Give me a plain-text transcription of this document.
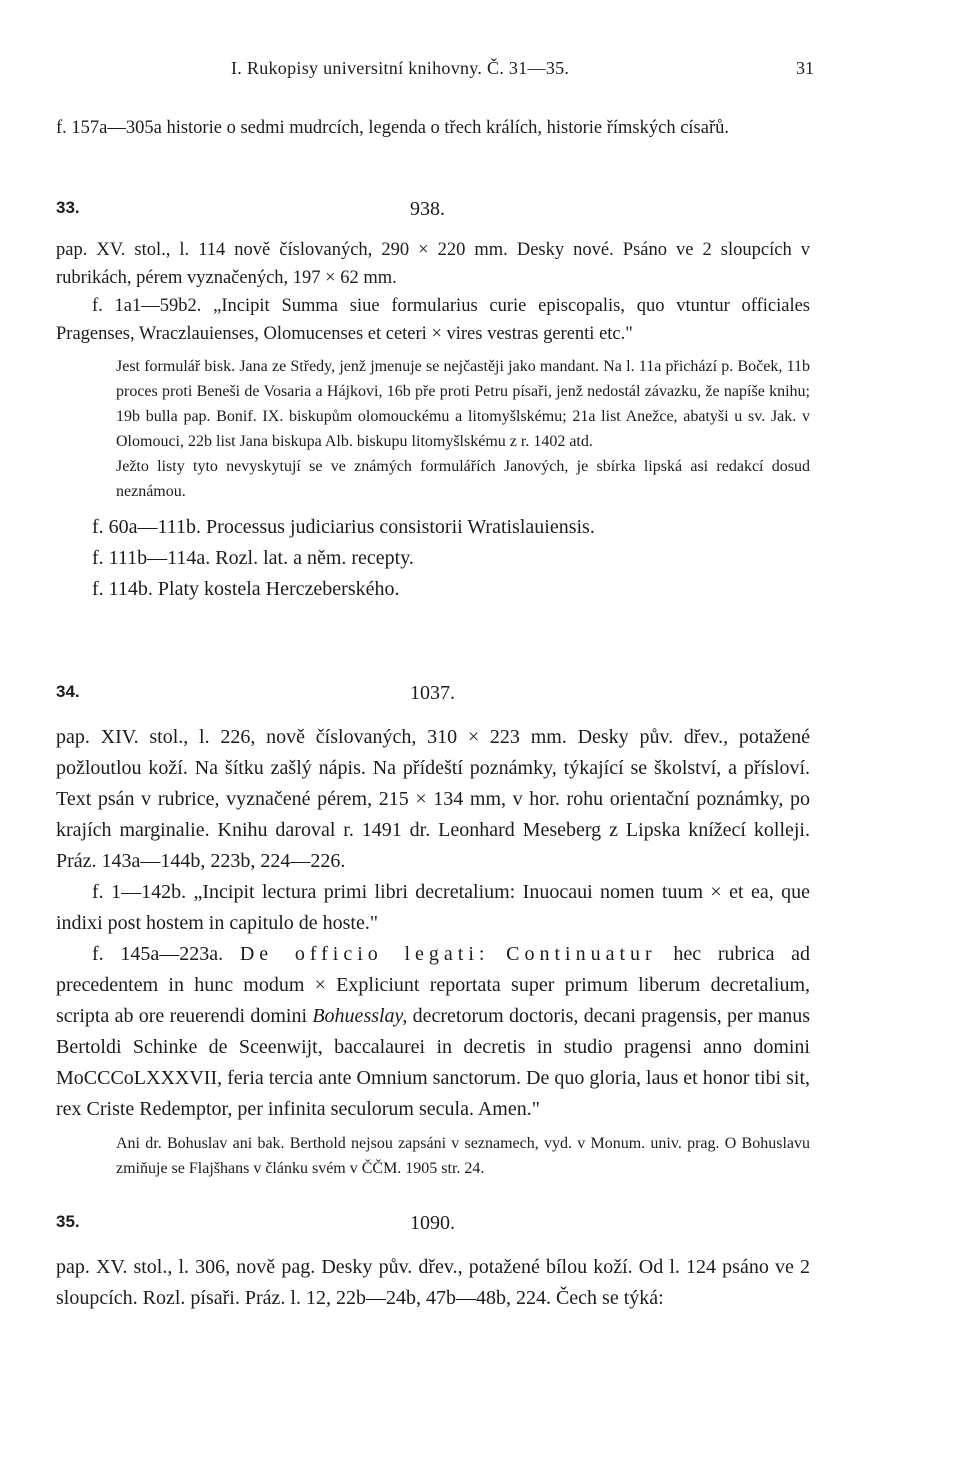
I. Rukopisy universitní knihovny. Č. 31—35.	31

f. 157a—305a historie o sedmi mudrcích, legenda o třech králích, historie římských císařů.

33.	938.

pap. XV. stol., l. 114 nově číslovaných, 290 × 220 mm. Desky nové. Psáno ve 2 sloupcích v rubrikách, pérem vyznačených, 197 × 62 mm.

f. 1a1—59b2. „Incipit Summa siue formularius curie episcopalis, quo vtuntur officiales Pragenses, Wraczlauienses, Olomucenses et ceteri × vires vestras gerenti etc."

Jest formulář bisk. Jana ze Středy, jenž jmenuje se nejčastěji jako mandant. Na l. 11a přichází p. Boček, 11b proces proti Beneši de Vosaria a Hájkovi, 16b pře proti Petru písaři, jenž nedostál závazku, že napíše knihu; 19b bulla pap. Bonif. IX. biskupům olomouckému a litomyšlskému; 21a list Anežce, abatyši u sv. Jak. v Olomouci, 22b list Jana biskupa Alb. biskupu litomyšlskému z r. 1402 atd.

Ježto listy tyto nevyskytují se ve známých formulářích Janových, je sbírka lipská asi redakcí dosud neznámou.

f. 60a—111b. Processus judiciarius consistorii Wratislauiensis.

f. 111b—114a. Rozl. lat. a něm. recepty.

f. 114b. Platy kostela Herczeberského.

34.	1037.

pap. XIV. stol., l. 226, nově číslovaných, 310 × 223 mm. Desky pův. dřev., potažené požloutlou koží. Na šítku zašlý nápis. Na přídeští poznámky, týkající se školství, a přísloví. Text psán v rubrice, vyznačené pérem, 215 × 134 mm, v hor. rohu orientační poznámky, po krajích marginalie. Knihu daroval r. 1491 dr. Leonhard Meseberg z Lipska knížecí kolleji. Práz. 143a—144b, 223b, 224—226.

f. 1—142b. „Incipit lectura primi libri decretalium: Inuocaui nomen tuum × et ea, que indixi post hostem in capitulo de hoste."

f. 145a—223a. De officio legati: Continuatur hec rubrica ad precedentem in hunc modum × Expliciunt reportata super primum liberum decretalium, scripta ab ore reuerendi domini Bohuesslay, decretorum doctoris, decani pragensis, per manus Bertoldi Schinke de Sceenwijt, baccalaurei in decretis in studio pragensi anno domini MoCCCoLXXXVII, feria tercia ante Omnium sanctorum. De quo gloria, laus et honor tibi sit, rex Criste Redemptor, per infinita seculorum secula. Amen."

Ani dr. Bohuslav ani bak. Berthold nejsou zapsáni v seznamech, vyd. v Monum. univ. prag. O Bohuslavu zmiňuje se Flajšhans v článku svém v ČČM. 1905 str. 24.

35.	1090.

pap. XV. stol., l. 306, nově pag. Desky pův. dřev., potažené bílou koží. Od l. 124 psáno ve 2 sloupcích. Rozl. písaři. Práz. l. 12, 22b—24b, 47b—48b, 224. Čech se týká:
